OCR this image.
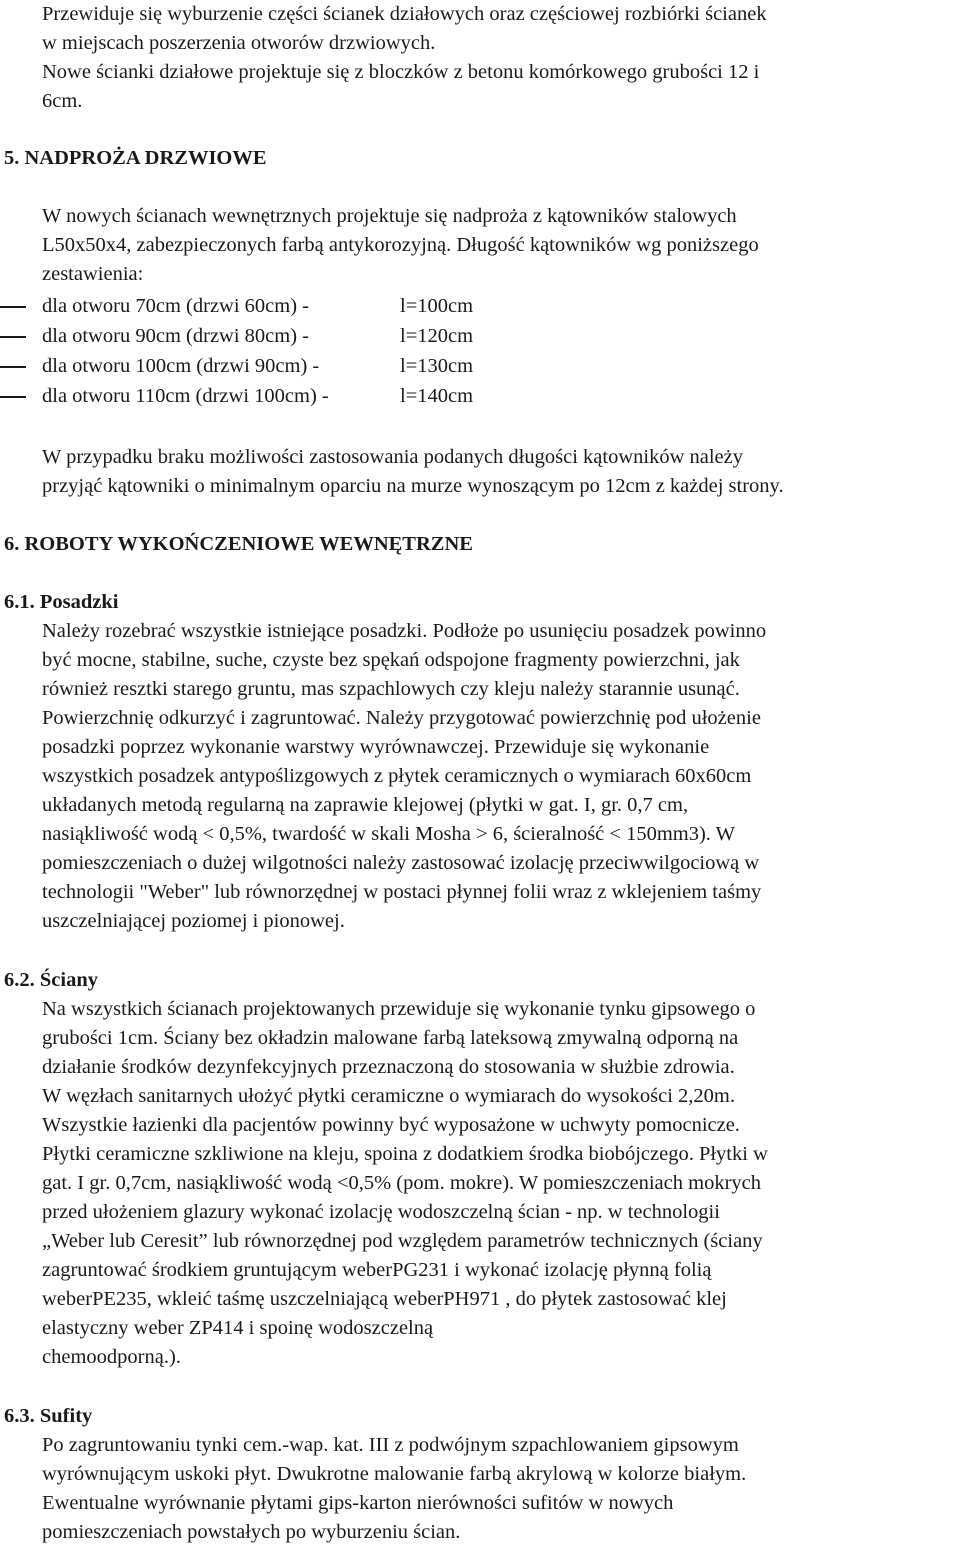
Przewiduje się wyburzenie części ścianek działowych oraz częściowej rozbiórki ścianek
w miejscach poszerzenia otworów drzwiowych.
Nowe ścianki działowe projektuje się z bloczków z betonu komórkowego grubości 12 i
6cm.
5. NADPROŻA DRZWIOWE
W nowych ścianach wewnętrznych projektuje się nadproża z kątowników stalowych
L50x50x4, zabezpieczonych farbą antykorozyjną. Długość kątowników wg poniższego
zestawienia:
dla otworu 70cm (drzwi 60cm) -	l=100cm
dla otworu 90cm (drzwi 80cm) -	l=120cm
dla otworu 100cm (drzwi 90cm) -	l=130cm
dla otworu 110cm (drzwi 100cm) -	l=140cm
W przypadku braku możliwości zastosowania podanych długości kątowników należy
przyjąć kątowniki o minimalnym oparciu na murze wynoszącym po 12cm z każdej strony.
6. ROBOTY WYKOŃCZENIOWE WEWNĘTRZNE
6.1. Posadzki
Należy rozebrać wszystkie istniejące posadzki. Podłoże po usunięciu posadzek powinno
być mocne, stabilne, suche, czyste bez spękań odspojone fragmenty powierzchni, jak
również resztki starego gruntu, mas szpachlowych czy kleju należy starannie usunąć.
Powierzchnię odkurzyć i zagruntować. Należy przygotować powierzchnię pod ułożenie
posadzki poprzez wykonanie warstwy wyrównawczej. Przewiduje się wykonanie
wszystkich posadzek antypoślizgowych z płytek ceramicznych o wymiarach 60x60cm
układanych metodą regularną na zaprawie klejowej (płytki w gat. I, gr. 0,7 cm,
nasiąkliwość wodą < 0,5%, twardość w skali Mosha > 6, ścieralność < 150mm3). W
pomieszczeniach o dużej wilgotności należy zastosować izolację przeciwwilgociową w
technologii "Weber" lub równorzędnej w postaci płynnej folii wraz z wklejeniem taśmy
uszczelniającej poziomej i pionowej.
6.2. Ściany
Na wszystkich ścianach projektowanych przewiduje się wykonanie tynku gipsowego o
grubości 1cm. Ściany bez okładzin malowane farbą lateksową zmywalną odporną na
działanie środków dezynfekcyjnych przeznaczoną do stosowania w służbie zdrowia.
W węzłach sanitarnych ułożyć płytki ceramiczne o wymiarach do wysokości 2,20m.
Wszystkie łazienki dla pacjentów powinny być wyposażone w uchwyty pomocnicze.
Płytki ceramiczne szkliwione na kleju, spoina z dodatkiem środka biobójczego. Płytki w
gat. I gr. 0,7cm, nasiąkliwość wodą <0,5% (pom. mokre). W pomieszczeniach mokrych
przed ułożeniem glazury wykonać izolację wodoszczelną ścian - np. w technologii
„Weber lub Ceresit” lub równorzędnej pod względem parametrów technicznych (ściany
zagruntować środkiem gruntującym weberPG231 i wykonać izolację płynną folią
weberPE235, wkleić taśmę uszczelniającą weberPH971 , do płytek zastosować klej
elastyczny weber ZP414 i spoinę wodoszczelną
chemoodporną.).
6.3. Sufity
Po zagruntowaniu tynki cem.-wap. kat. III z podwójnym szpachlowaniem gipsowym
wyrównującym uskoki płyt. Dwukrotne malowanie farbą akrylową w kolorze białym.
Ewentualne wyrównanie płytami gips-karton nierówności sufitów w nowych
pomieszczeniach powstałych po wyburzeniu ścian.
